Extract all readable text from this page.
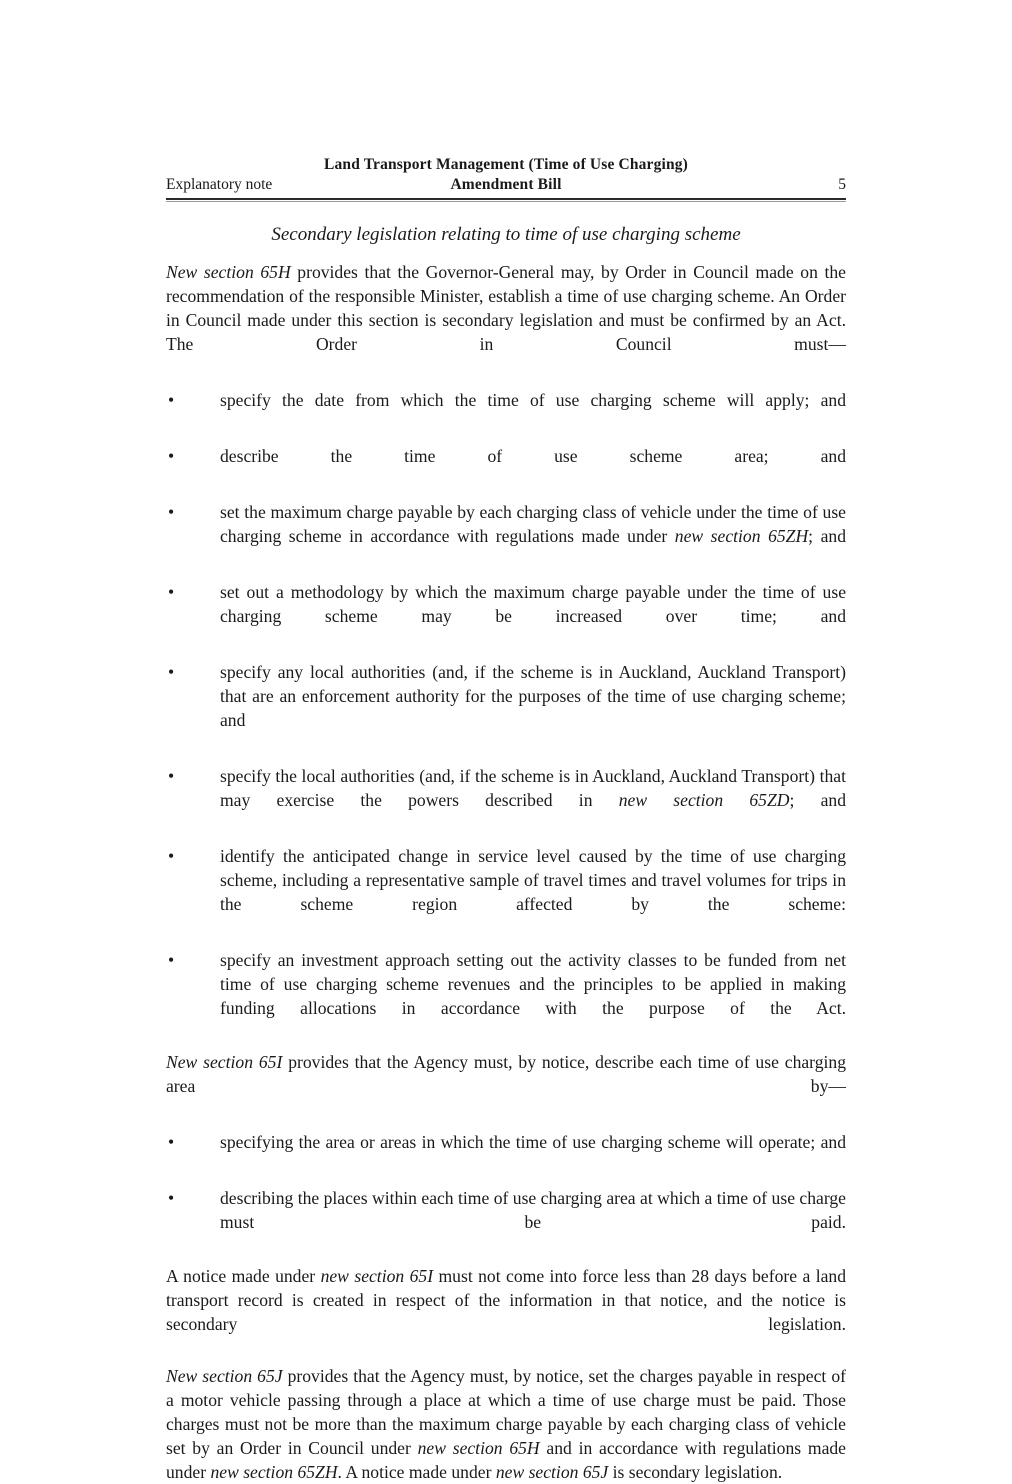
Land Transport Management (Time of Use Charging)
Amendment Bill
Explanatory note	5
Secondary legislation relating to time of use charging scheme

New section 65H provides that the Governor-General may, by Order in Council made on the recommendation of the responsible Minister, establish a time of use charging scheme. An Order in Council made under this section is secondary legislation and must be confirmed by an Act. The Order in Council must—

•	specify the date from which the time of use charging scheme will apply; and
•	describe the time of use scheme area; and
•	set the maximum charge payable by each charging class of vehicle under the time of use charging scheme in accordance with regulations made under new section 65ZH; and
•	set out a methodology by which the maximum charge payable under the time of use charging scheme may be increased over time; and
•	specify any local authorities (and, if the scheme is in Auckland, Auckland Transport) that are an enforcement authority for the purposes of the time of use charging scheme; and
•	specify the local authorities (and, if the scheme is in Auckland, Auckland Transport) that may exercise the powers described in new section 65ZD; and
•	identify the anticipated change in service level caused by the time of use charging scheme, including a representative sample of travel times and travel volumes for trips in the scheme region affected by the scheme:
•	specify an investment approach setting out the activity classes to be funded from net time of use charging scheme revenues and the principles to be applied in making funding allocations in accordance with the purpose of the Act.

New section 65I provides that the Agency must, by notice, describe each time of use charging area by—

•	specifying the area or areas in which the time of use charging scheme will operate; and
•	describing the places within each time of use charging area at which a time of use charge must be paid.

A notice made under new section 65I must not come into force less than 28 days before a land transport record is created in respect of the information in that notice, and the notice is secondary legislation.

New section 65J provides that the Agency must, by notice, set the charges payable in respect of a motor vehicle passing through a place at which a time of use charge must be paid. Those charges must not be more than the maximum charge payable by each charging class of vehicle set by an Order in Council under new section 65H and in accordance with regulations made under new section 65ZH. A notice made under new section 65J is secondary legislation.
